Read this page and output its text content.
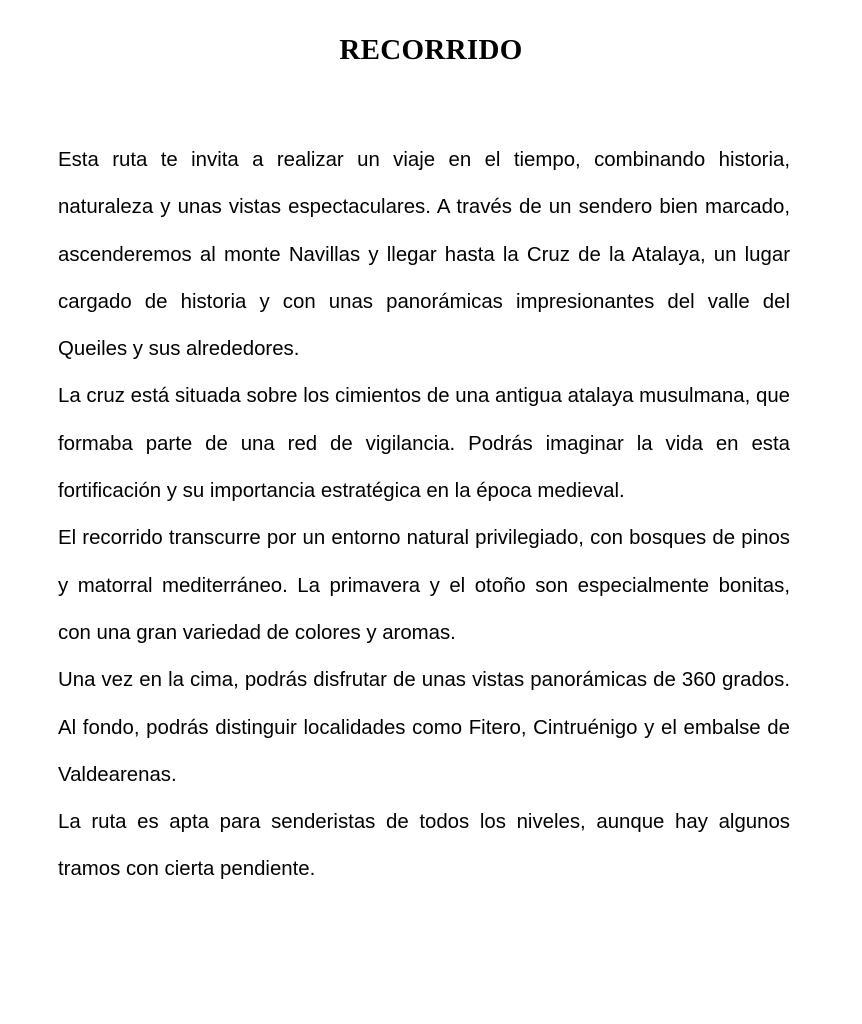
RECORRIDO

Esta ruta te invita a realizar un viaje en el tiempo, combinando historia, naturaleza y unas vistas espectaculares. A través de un sendero bien marcado, ascenderemos al monte Navillas y llegar hasta la Cruz de la Atalaya, un lugar cargado de historia y con unas panorámicas impresionantes del valle del Queiles y sus alrededores.

La cruz está situada sobre los cimientos de una antigua atalaya musulmana, que formaba parte de una red de vigilancia. Podrás imaginar la vida en esta fortificación y su importancia estratégica en la época medieval.

El recorrido transcurre por un entorno natural privilegiado, con bosques de pinos y matorral mediterráneo. La primavera y el otoño son especialmente bonitas, con una gran variedad de colores y aromas.

Una vez en la cima, podrás disfrutar de unas vistas panorámicas de 360 grados. Al fondo, podrás distinguir localidades como Fitero, Cintruénigo y el embalse de Valdearenas.

La ruta es apta para senderistas de todos los niveles, aunque hay algunos tramos con cierta pendiente.
